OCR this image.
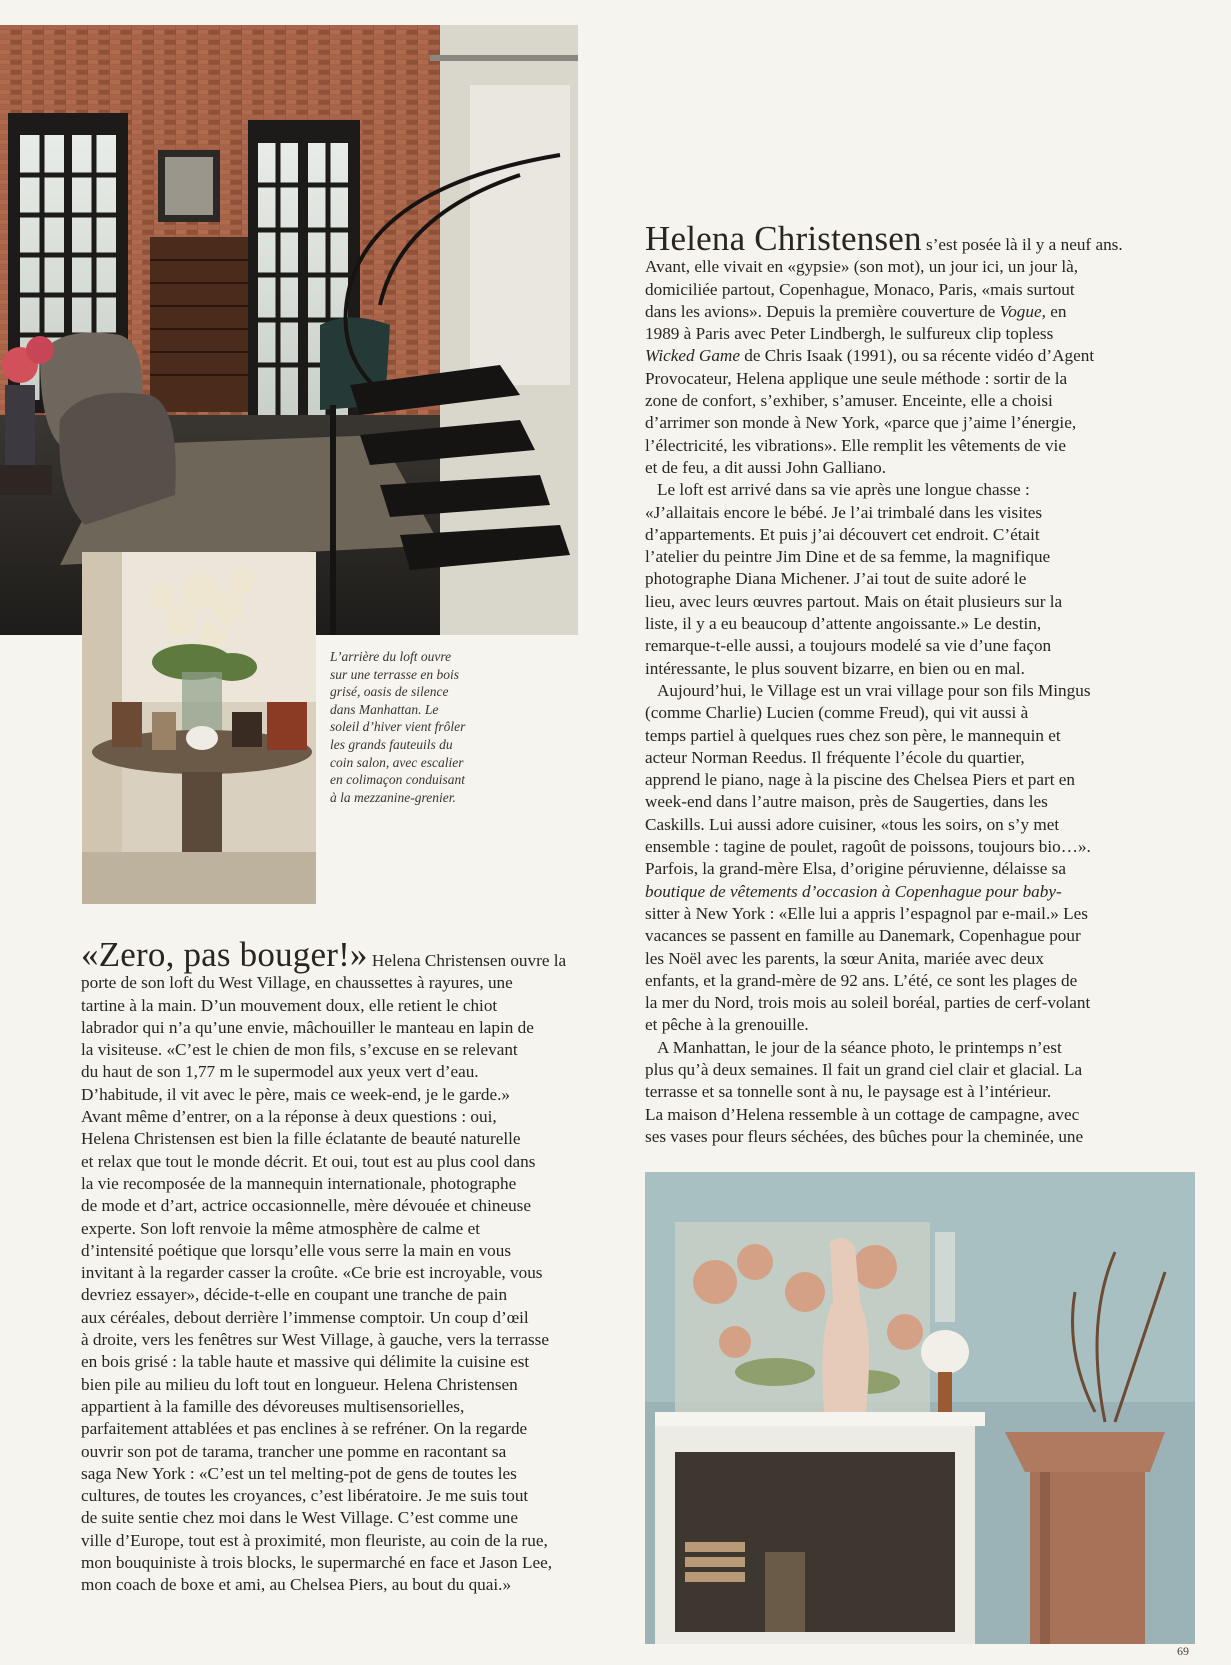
L’arrière du loft ouvre
sur une terrasse en bois
grisé, oasis de silence
dans Manhattan. Le
soleil d’hiver vient frôler
les grands fauteuils du
coin salon, avec escalier
en colimaçon conduisant
à la mezzanine-grenier.

«Zero, pas bouger!» Helena Christensen ouvre la
porte de son loft du West Village, en chaussettes à rayures, une
tartine à la main. D’un mouvement doux, elle retient le chiot
labrador qui n’a qu’une envie, mâchouiller le manteau en lapin de
la visiteuse. «C’est le chien de mon fils, s’excuse en se relevant
du haut de son 1,77 m le supermodel aux yeux vert d’eau.
D’habitude, il vit avec le père, mais ce week-end, je le garde.»
Avant même d’entrer, on a la réponse à deux questions : oui,
Helena Christensen est bien la fille éclatante de beauté naturelle
et relax que tout le monde décrit. Et oui, tout est au plus cool dans
la vie recomposée de la mannequin internationale, photographe
de mode et d’art, actrice occasionnelle, mère dévouée et chineuse
experte. Son loft renvoie la même atmosphère de calme et
d’intensité poétique que lorsqu’elle vous serre la main en vous
invitant à la regarder casser la croûte. «Ce brie est incroyable, vous
devriez essayer», décide-t-elle en coupant une tranche de pain
aux céréales, debout derrière l’immense comptoir. Un coup d’œil
à droite, vers les fenêtres sur West Village, à gauche, vers la terrasse
en bois grisé : la table haute et massive qui délimite la cuisine est
bien pile au milieu du loft tout en longueur. Helena Christensen
appartient à la famille des dévoreuses multisensorielles,
parfaitement attablées et pas enclines à se refréner. On la regarde
ouvrir son pot de tarama, trancher une pomme en racontant sa
saga New York : «C’est un tel melting-pot de gens de toutes les
cultures, de toutes les croyances, c’est libératoire. Je me suis tout
de suite sentie chez moi dans le West Village. C’est comme une
ville d’Europe, tout est à proximité, mon fleuriste, au coin de la rue,
mon bouquiniste à trois blocks, le supermarché en face et Jason Lee,
mon coach de boxe et ami, au Chelsea Piers, au bout du quai.»
Helena Christensen s’est posée là il y a neuf ans.
Avant, elle vivait en «gypsie» (son mot), un jour ici, un jour là,
domiciliée partout, Copenhague, Monaco, Paris, «mais surtout
dans les avions». Depuis la première couverture de Vogue, en
1989 à Paris avec Peter Lindbergh, le sulfureux clip topless
Wicked Game de Chris Isaak (1991), ou sa récente vidéo d’Agent
Provocateur, Helena applique une seule méthode : sortir de la
zone de confort, s’exhiber, s’amuser. Enceinte, elle a choisi
d’arrimer son monde à New York, «parce que j’aime l’énergie,
l’électricité, les vibrations». Elle remplit les vêtements de vie
et de feu, a dit aussi John Galliano.
Le loft est arrivé dans sa vie après une longue chasse :
«J’allaitais encore le bébé. Je l’ai trimbalé dans les visites
d’appartements. Et puis j’ai découvert cet endroit. C’était
l’atelier du peintre Jim Dine et de sa femme, la magnifique
photographe Diana Michener. J’ai tout de suite adoré le
lieu, avec leurs œuvres partout. Mais on était plusieurs sur la
liste, il y a eu beaucoup d’attente angoissante.» Le destin,
remarque-t-elle aussi, a toujours modelé sa vie d’une façon
intéressante, le plus souvent bizarre, en bien ou en mal.
Aujourd’hui, le Village est un vrai village pour son fils Mingus
(comme Charlie) Lucien (comme Freud), qui vit aussi à
temps partiel à quelques rues chez son père, le mannequin et
acteur Norman Reedus. Il fréquente l’école du quartier,
apprend le piano, nage à la piscine des Chelsea Piers et part en
week-end dans l’autre maison, près de Saugerties, dans les
Caskills. Lui aussi adore cuisiner, «tous les soirs, on s’y met
ensemble : tagine de poulet, ragoût de poissons, toujours bio…».
Parfois, la grand-mère Elsa, d’origine péruvienne, délaisse sa
boutique de vêtements d’occasion à Copenhague pour baby-
sitter à New York : «Elle lui a appris l’espagnol par e-mail.» Les
vacances se passent en famille au Danemark, Copenhague pour
les Noël avec les parents, la sœur Anita, mariée avec deux
enfants, et la grand-mère de 92 ans. L’été, ce sont les plages de
la mer du Nord, trois mois au soleil boréal, parties de cerf-volant
et pêche à la grenouille.
A Manhattan, le jour de la séance photo, le printemps n’est
plus qu’à deux semaines. Il fait un grand ciel clair et glacial. La
terrasse et sa tonnelle sont à nu, le paysage est à l’intérieur.
La maison d’Helena ressemble à un cottage de campagne, avec
ses vases pour fleurs séchées, des bûches pour la cheminée, une
69
